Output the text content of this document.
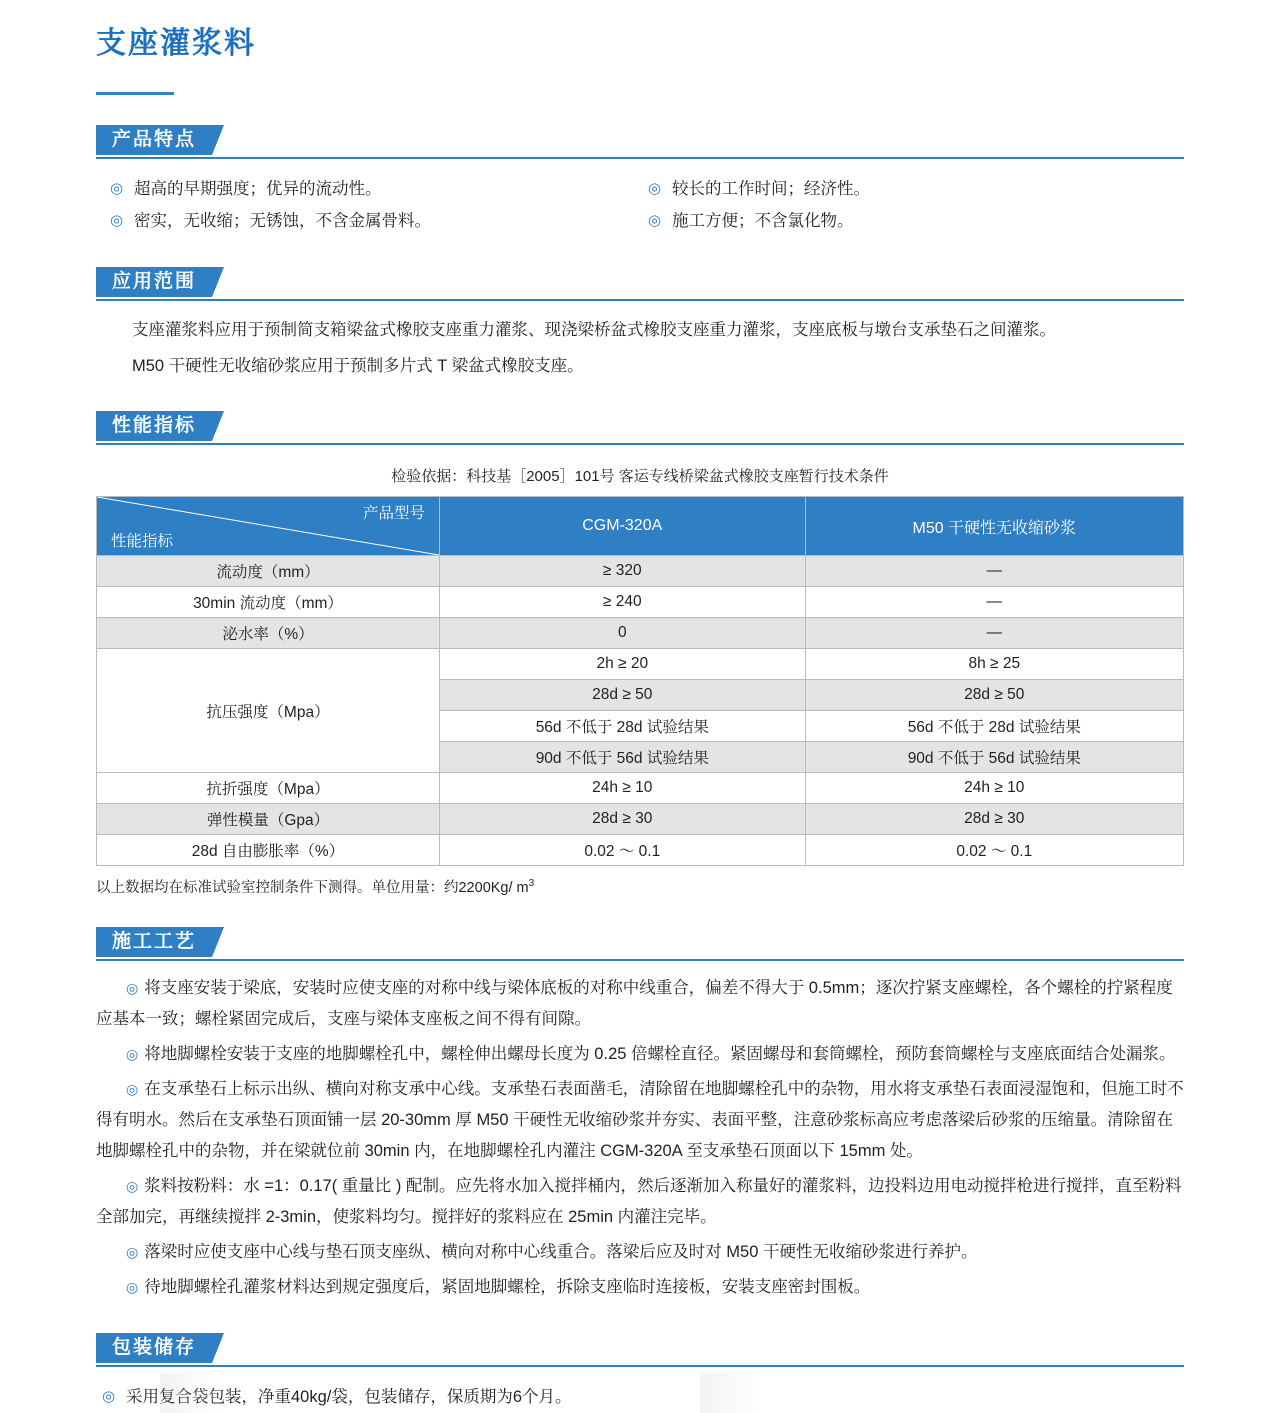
支座灌浆料
产品特点
◎ 超高的早期强度；优异的流动性。
◎ 密实，无收缩；无锈蚀，不含金属骨料。
◎ 较长的工作时间；经济性。
◎ 施工方便；不含氯化物。
应用范围

支座灌浆料应用于预制简支箱梁盆式橡胶支座重力灌浆、现浇梁桥盆式橡胶支座重力灌浆，支座底板与墩台支承垫石之间灌浆。

M50 干硬性无收缩砂浆应用于预制多片式 T 梁盆式橡胶支座。

性能指标
检验依据：科技基［2005］101号 客运专线桥梁盆式橡胶支座暂行技术条件
产品型号
性能指标	CGM-320A	M50 干硬性无收缩砂浆
流动度（mm）	≥ 320	—
30min 流动度（mm）	≥ 240	—
泌水率（%）	0	—
抗压强度（Mpa）	2h ≥ 20	8h ≥ 25
	28d ≥ 50	28d ≥ 50
	56d 不低于 28d 试验结果	56d 不低于 28d 试验结果
	90d 不低于 56d 试验结果	90d 不低于 56d 试验结果
抗折强度（Mpa）	24h ≥ 10	24h ≥ 10
弹性模量（Gpa）	28d ≥ 30	28d ≥ 30
28d 自由膨胀率（%）	0.02 ～ 0.1	0.02 ～ 0.1
以上数据均在标准试验室控制条件下测得。单位用量：约2200Kg/ $m^3$
施工工艺

◎ 将支座安装于梁底，安装时应使支座的对称中线与梁体底板的对称中线重合，偏差不得大于 0.5mm；逐次拧紧支座螺栓，各个螺栓的拧紧程度应基本一致；螺栓紧固完成后，支座与梁体支座板之间不得有间隙。

◎ 将地脚螺栓安装于支座的地脚螺栓孔中，螺栓伸出螺母长度为 0.25 倍螺栓直径。紧固螺母和套筒螺栓，预防套筒螺栓与支座底面结合处漏浆。

◎ 在支承垫石上标示出纵、横向对称支承中心线。支承垫石表面凿毛，清除留在地脚螺栓孔中的杂物，用水将支承垫石表面浸湿饱和，但施工时不得有明水。然后在支承垫石顶面铺一层 20-30mm 厚 M50 干硬性无收缩砂浆并夯实、表面平整，注意砂浆标高应考虑落梁后砂浆的压缩量。清除留在地脚螺栓孔中的杂物，并在梁就位前 30min 内，在地脚螺栓孔内灌注 CGM-320A 至支承垫石顶面以下 15mm 处。

◎ 浆料按粉料：水 =1：0.17( 重量比 ) 配制。应先将水加入搅拌桶内，然后逐渐加入称量好的灌浆料，边投料边用电动搅拌枪进行搅拌，直至粉料全部加完，再继续搅拌 2-3min，使浆料均匀。搅拌好的浆料应在 25min 内灌注完毕。

◎ 落梁时应使支座中心线与垫石顶支座纵、横向对称中心线重合。落梁后应及时对 M50 干硬性无收缩砂浆进行养护。

◎ 待地脚螺栓孔灌浆材料达到规定强度后，紧固地脚螺栓，拆除支座临时连接板，安装支座密封围板。

包装储存
◎ 采用复合袋包装，净重40kg/袋，包装储存，保质期为6个月。
